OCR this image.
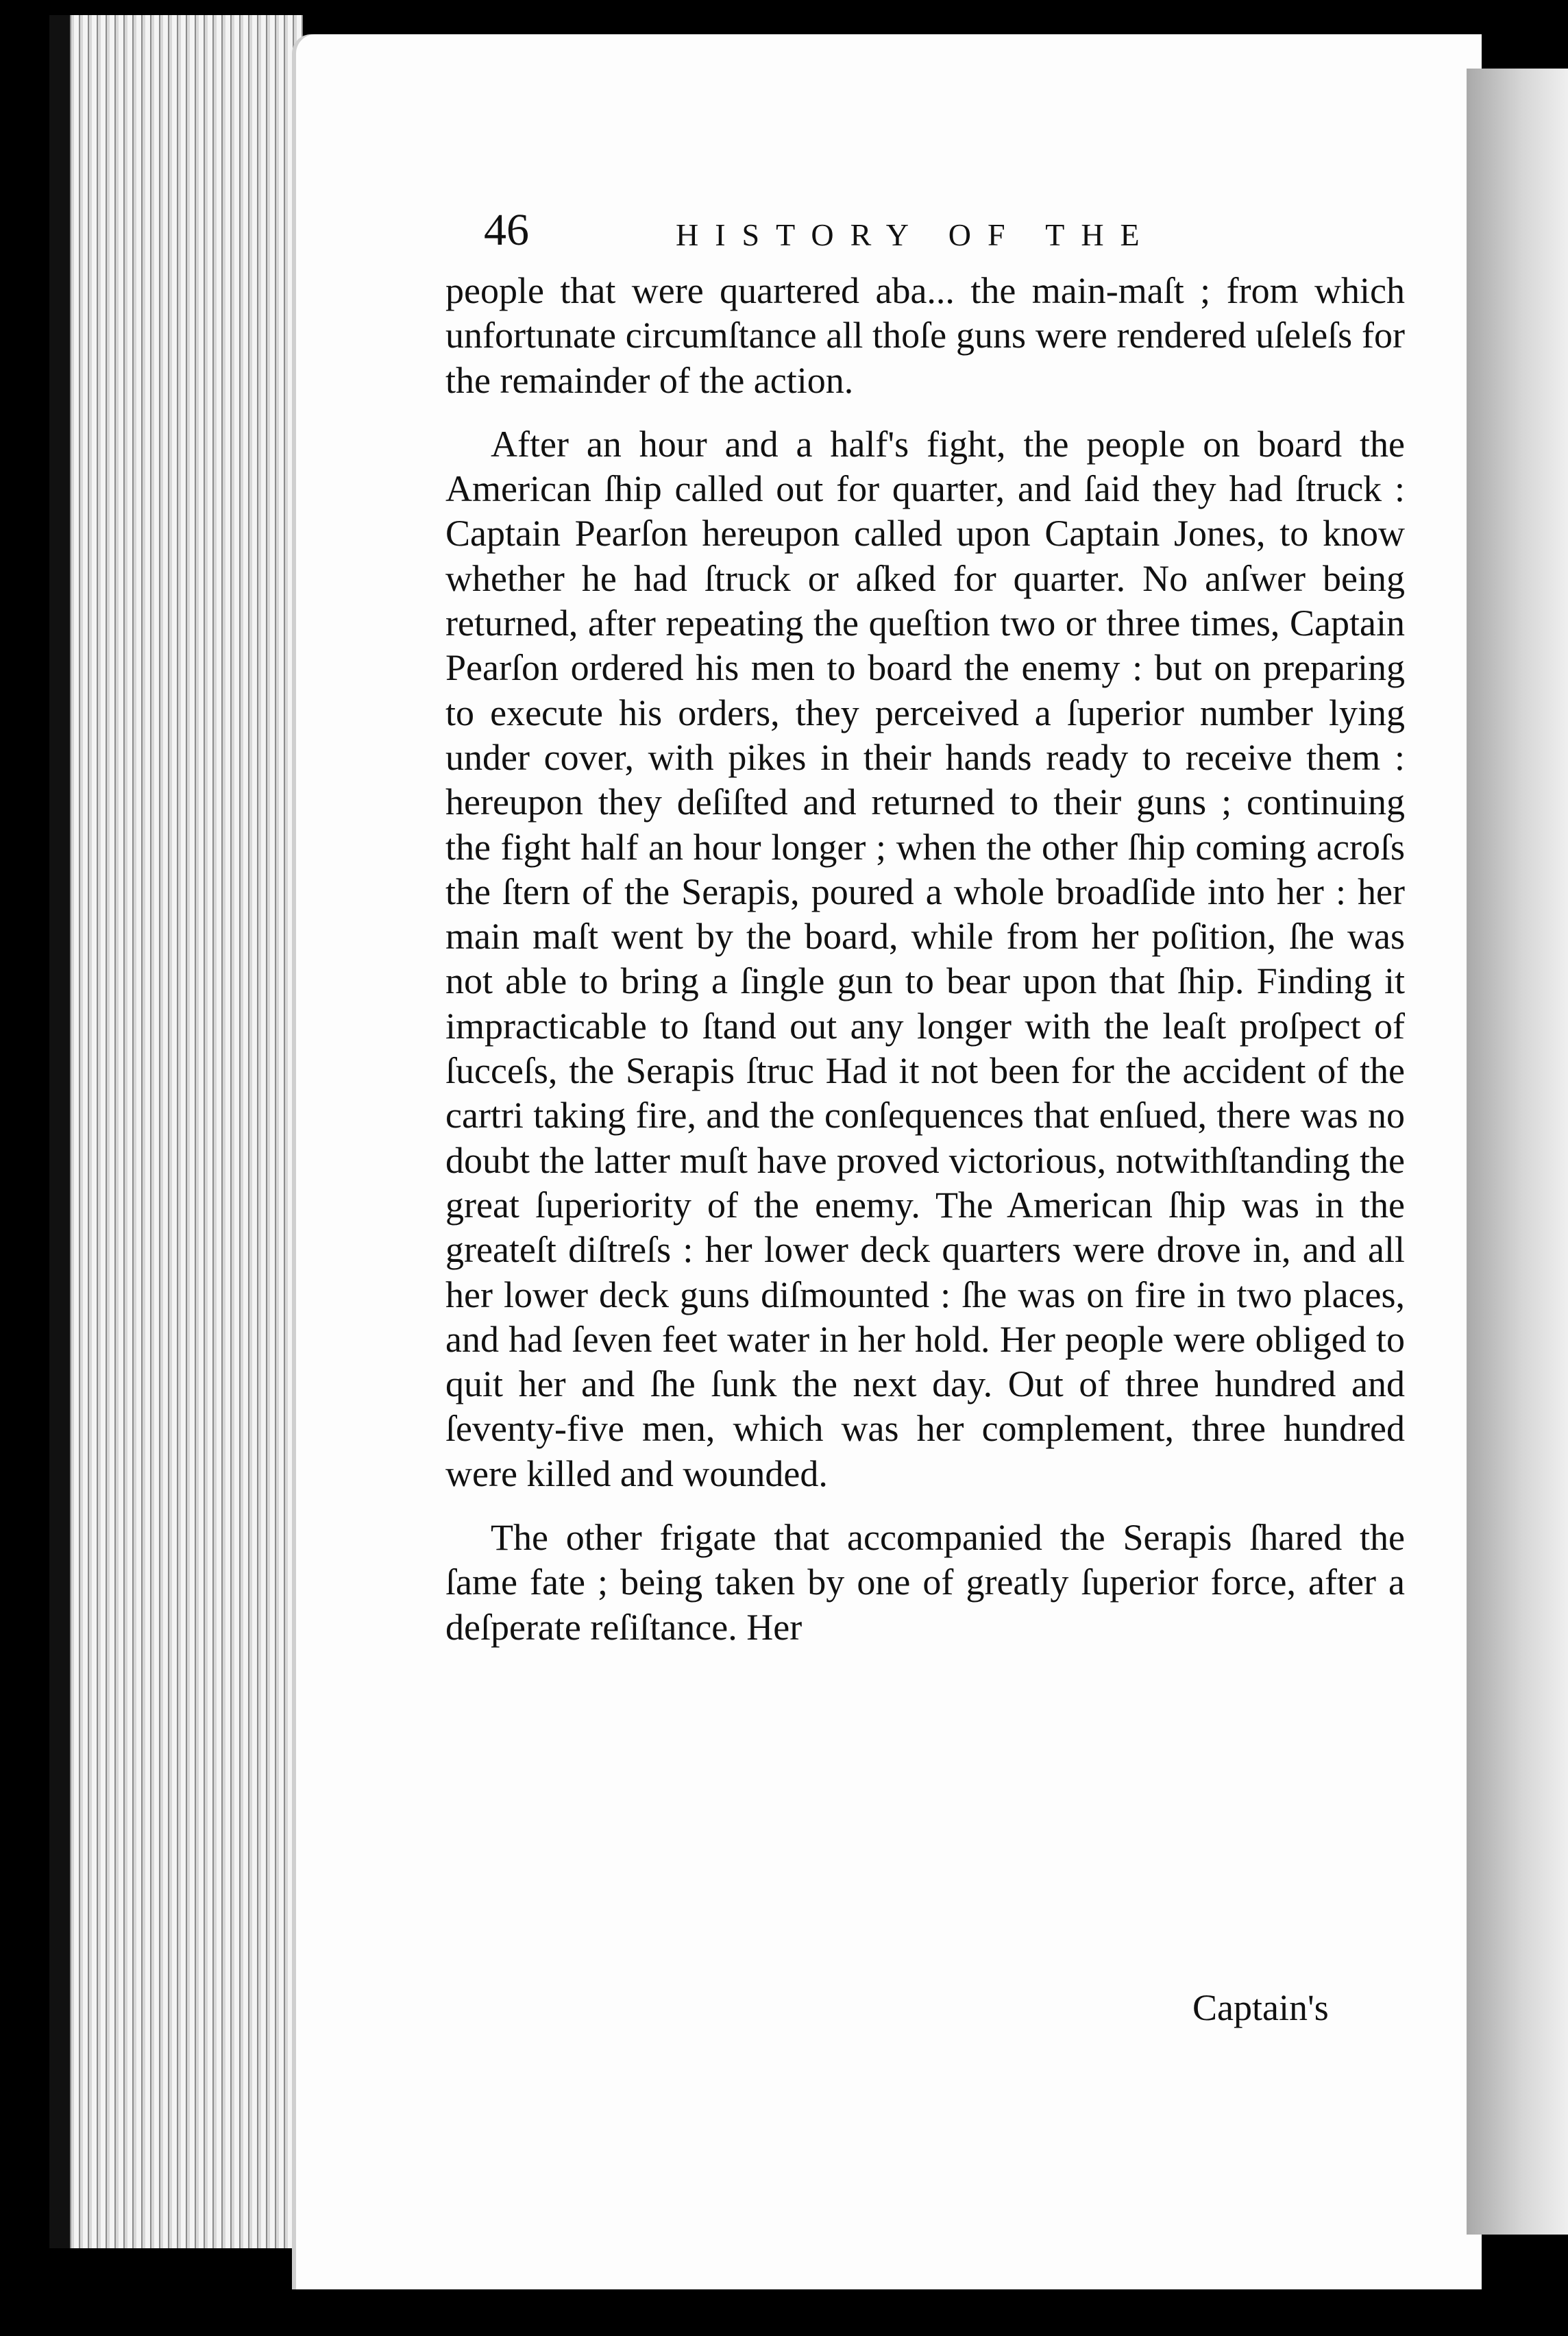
46	HISTORY OF THE

people that were quartered aba... the main-maſt ; from which unfortunate circumſtance all thoſe guns were rendered uſeleſs for the remainder of the action.

After an hour and a half's fight, the people on board the American ſhip called out for quarter, and ſaid they had ſtruck : Captain Pearſon hereupon called upon Captain Jones, to know whether he had ſtruck or aſked for quarter. No anſwer being returned, after repeating the queſtion two or three times, Captain Pearſon ordered his men to board the enemy : but on preparing to execute his orders, they perceived a ſuperior number lying under cover, with pikes in their hands ready to receive them : hereupon they deſiſted and returned to their guns ; continuing the fight half an hour longer ; when the other ſhip coming acroſs the ſtern of the Serapis, poured a whole broadſide into her : her main maſt went by the board, while from her poſition, ſhe was not able to bring a ſingle gun to bear upon that ſhip. Finding it impracticable to ſtand out any longer with the leaſt proſpect of ſucceſs, the Serapis ſtruc Had it not been for the accident of the cartri taking fire, and the conſequences that enſued, there was no doubt the latter muſt have proved victorious, notwithſtanding the great ſuperiority of the enemy. The American ſhip was in the greateſt diſtreſs : her lower deck quarters were drove in, and all her lower deck guns diſmounted : ſhe was on fire in two places, and had ſeven feet water in her hold. Her people were obliged to quit her and ſhe ſunk the next day. Out of three hundred and ſeventy-five men, which was her complement, three hundred were killed and wounded.

The other frigate that accompanied the Serapis ſhared the ſame fate ; being taken by one of greatly ſuperior force, after a deſperate reſiſtance. Her

Captain's
